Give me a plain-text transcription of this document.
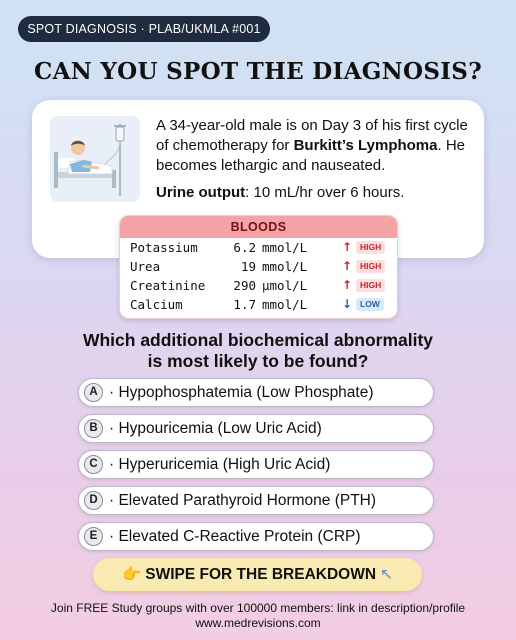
SPOT DIAGNOSIS · PLAB/UKMLA #001
CAN YOU SPOT THE DIAGNOSIS?
A 34-year-old male is on Day 3 of his first cycle of chemotherapy for Burkitt’s Lymphoma. He becomes lethargic and nauseated.
Urine output: 10 mL/hr over 6 hours.
BLOODS
Potassium	6.2 mmol/L	↑ HIGH
Urea	19 mmol/L	↑ HIGH
Creatinine 290 µmol/L	↑ HIGH
Calcium	1.7 mmol/L	↓ LOW
Which additional biochemical abnormality
is most likely to be found?
A · Hypophosphatemia (Low Phosphate)
B · Hypouricemia (Low Uric Acid)
C · Hyperuricemia (High Uric Acid)
D · Elevated Parathyroid Hormone (PTH)
E · Elevated C-Reactive Protein (CRP)
👉 SWIPE FOR THE BREAKDOWN ↖
Join FREE Study groups with over 100000 members: link in description/profile
www.medrevisions.com
